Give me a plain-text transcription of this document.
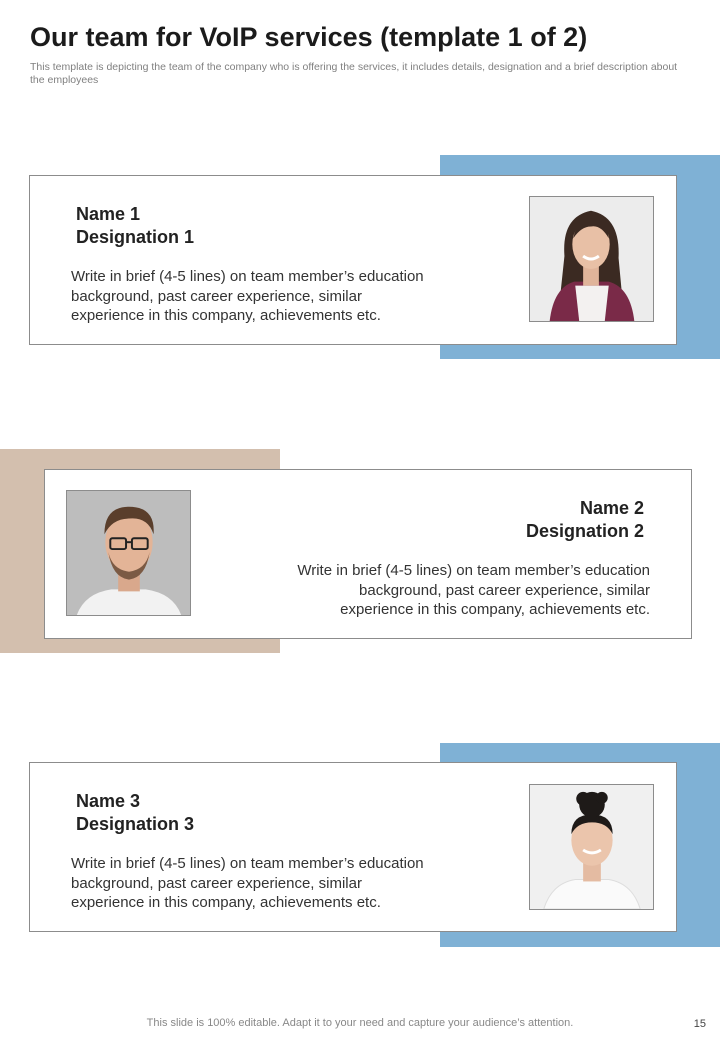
Our team for VoIP services (template 1 of 2)

This template is depicting the team of the company who is offering the services, it includes details, designation and a brief description about the employees

Name 1
Designation 1
Write in brief (4-5 lines) on team member’s education
background, past career experience, similar
experience in this company, achievements etc.
Name 2
Designation 2
Write in brief (4-5 lines) on team member’s education
background, past career experience, similar
experience in this company, achievements etc.
Name 3
Designation 3
Write in brief (4-5 lines) on team member’s education
background, past career experience, similar
experience in this company, achievements etc.
This slide is 100% editable. Adapt it to your need and capture your audience’s attention.	15
